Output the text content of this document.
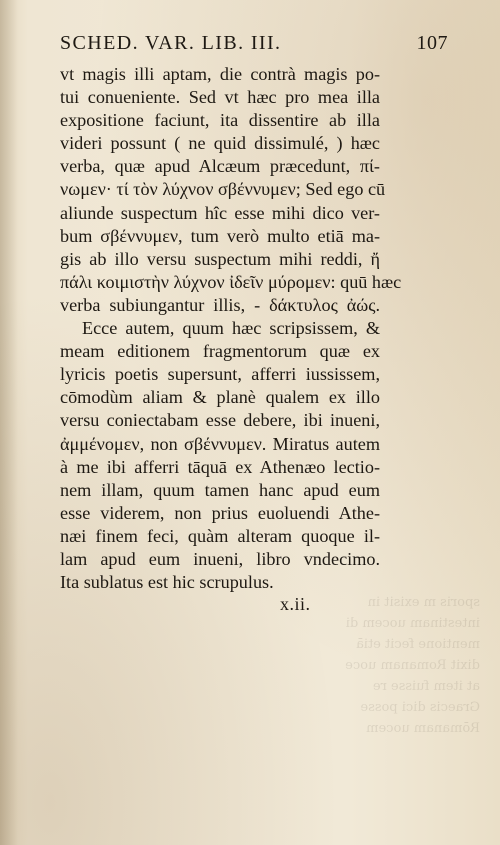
sporis m exisit in
intestinam uocem di
mentione fecit etiā
dixit Romanam uoce
at item fuisse re
Graecis dici posse
Rōmanam uocem
SCHED. VAR. LIB. III.	107
vt magis illi aptam, die contrà magis po-
tui conueniente. Sed vt hæc pro mea illa
expositione faciunt, ita dissentire ab illa
videri possunt ( ne quid dissimulé, ) hæc
verba, quæ apud Alcæum præcedunt, πί-
νωμεν· τί τὸν λύχνον σβέννυμεν; Sed ego cū
aliunde suspectum hîc esse mihi dico ver-
bum σβέννυμεν, tum verò multo etiā ma-
gis ab illo versu suspectum mihi reddi, ἤ
πάλι κοιμιστὴν λύχνον ἰδεῖν μύρομεν: quū hæc
verba subiungantur illis, - δάκτυλος ἀώς.
Ecce autem, quum hæc scripsissem, &
meam editionem fragmentorum quæ ex
lyricis poetis supersunt, afferri iussissem,
cōmodùm aliam & planè qualem ex illo
versu coniectabam esse debere, ibi inueni,
ἀμμένομεν, non σβέννυμεν. Miratus autem
à me ibi afferri tāquā ex Athenæo lectio-
nem illam, quum tamen hanc apud eum
esse viderem, non prius euoluendi Athe-
næi finem feci, quàm alteram quoque il-
lam apud eum inueni, libro vndecimo.
Ita sublatus est hic scrupulus.
x.ii.
